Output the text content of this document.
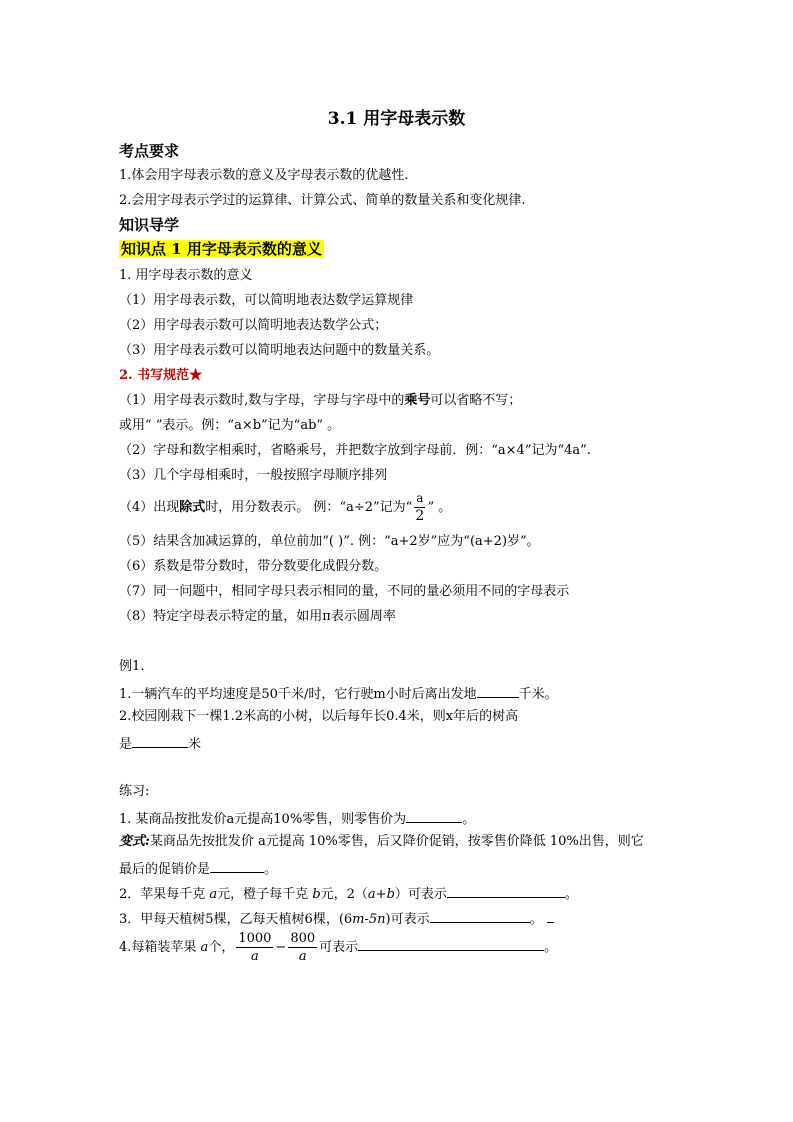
3.1 用字母表示数
考点要求
1.体会用字母表示数的意义及字母表示数的优越性.
2.会用字母表示学过的运算律、计算公式、简单的数量关系和变化规律.
知识导学
知识点 1 用字母表示数的意义
1. 用字母表示数的意义
（1）用字母表示数，可以简明地表达数学运算规律
（2）用字母表示数可以简明地表达数学公式；
（3）用字母表示数可以简明地表达问题中的数量关系。
2. 书写规范★
（1）用字母表示数时,数与字母，字母与字母中的乘号可以省略不写；
或用“ ”表示。例：“a×b”记为“ab” 。
（2）字母和数字相乘时，省略乘号，并把数字放到字母前．例：“a×4”记为“4a”.
（3）几个字母相乘时，一般按照字母顺序排列
（4）出现除式时，用分数表示。 例：“a÷2”记为“ $\frac{a}{2}$ ” 。
（5）结果含加减运算的，单位前加“( )”. 例：“a+2岁”应为“(a+2)岁”。
（6）系数是带分数时，带分数要化成假分数。
（7）同一问题中，相同字母只表示相同的量，不同的量必须用不同的字母表示
（8）特定字母表示特定的量，如用π表示圆周率
例1.
1.一辆汽车的平均速度是50千米/时，它行驶m小时后离出发地	千米。
2.校园刚栽下一棵1.2米高的小树，以后每年长0.4米，则x年后的树高
是	米
练习:
1. 某商品按批发价a元提高10%零售，则零售价为	。
变式:某商品先按批发价 a元提高 10%零售，后又降价促销，按零售价降低 10%出售，则它
最后的促销价是	。
2．苹果每千克 a元，橙子每千克 b元，2（a+b）可表示	。
3．甲每天植树5棵，乙每天植树6棵，(6m-5n)可表示	。
4.每箱装苹果 a个， $\frac{1000}{a} - \frac{800}{a}$ 可表示	。
